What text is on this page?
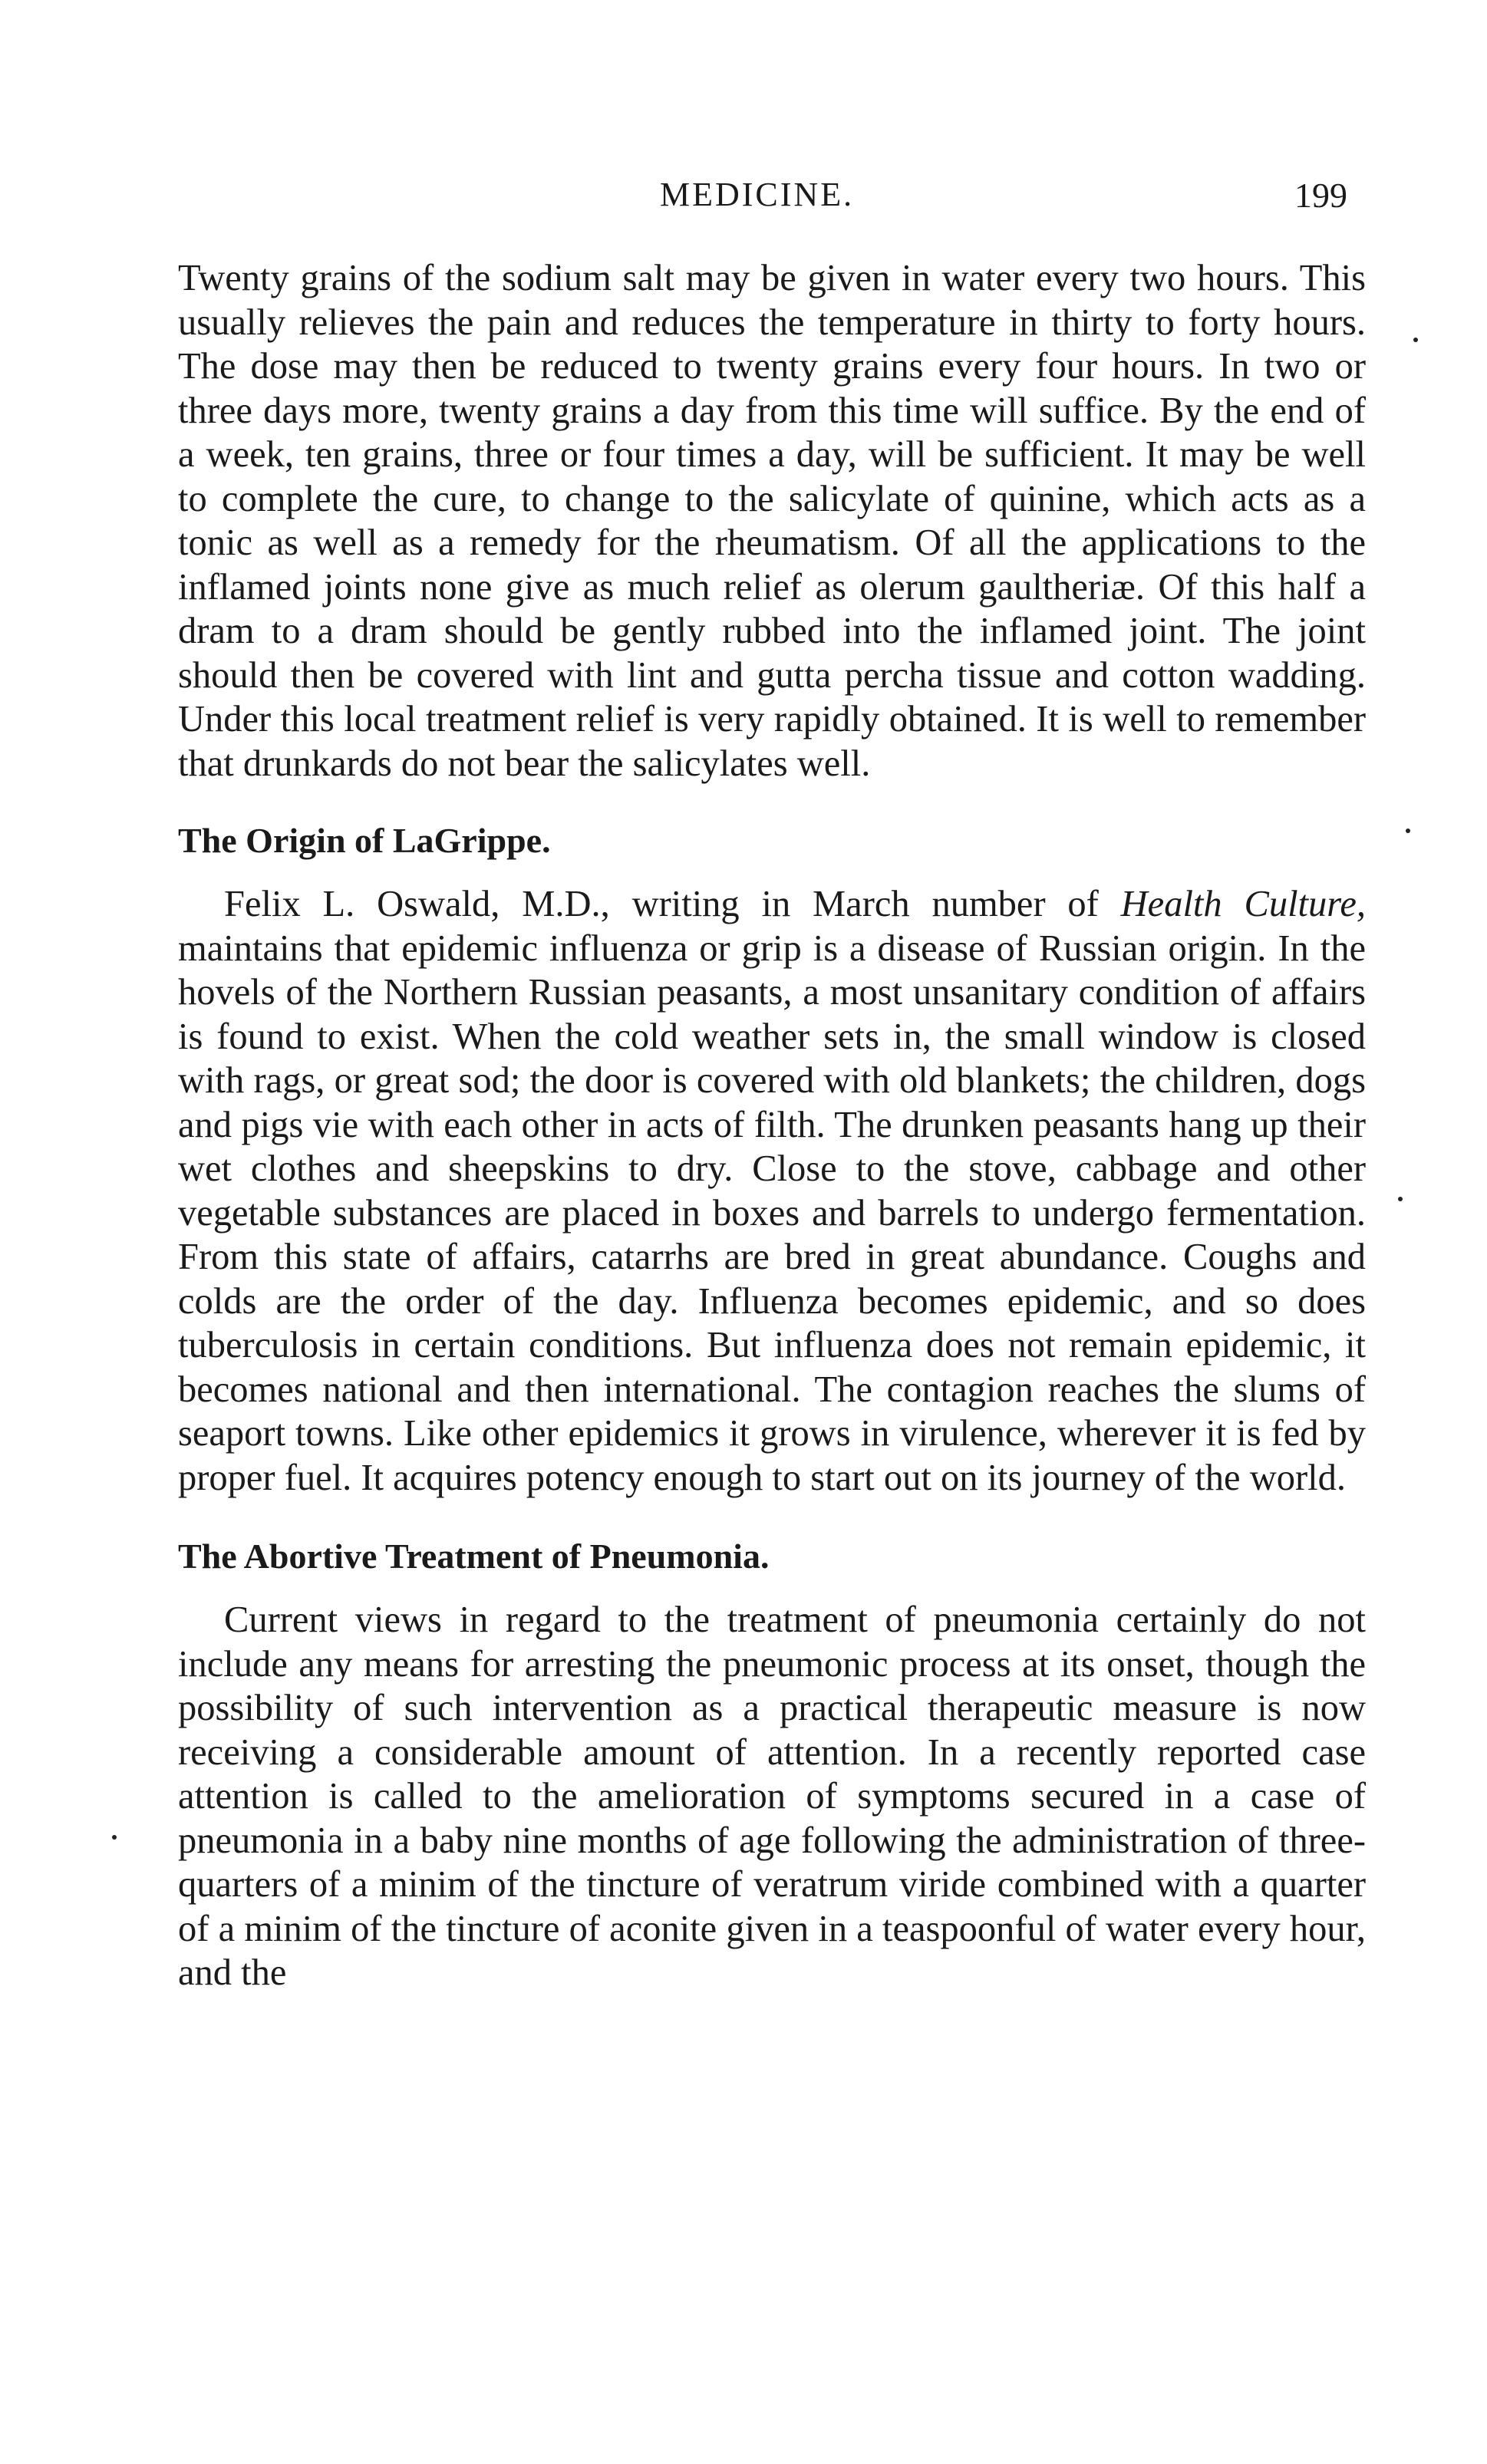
MEDICINE.	199

Twenty grains of the sodium salt may be given in water every two hours. This usually relieves the pain and reduces the temperature in thirty to forty hours. The dose may then be reduced to twenty grains every four hours. In two or three days more, twenty grains a day from this time will suffice. By the end of a week, ten grains, three or four times a day, will be sufficient. It may be well to complete the cure, to change to the salicylate of quinine, which acts as a tonic as well as a remedy for the rheumatism. Of all the applications to the inflamed joints none give as much relief as olerum gaultheriæ. Of this half a dram to a dram should be gently rubbed into the inflamed joint. The joint should then be covered with lint and gutta percha tissue and cotton wadding. Under this local treatment relief is very rapidly obtained. It is well to remember that drunkards do not bear the salicylates well.

The Origin of LaGrippe.

Felix L. Oswald, M.D., writing in March number of Health Culture, maintains that epidemic influenza or grip is a disease of Russian origin. In the hovels of the Northern Russian peasants, a most unsanitary condition of affairs is found to exist. When the cold weather sets in, the small window is closed with rags, or great sod; the door is covered with old blankets; the children, dogs and pigs vie with each other in acts of filth. The drunken peasants hang up their wet clothes and sheepskins to dry. Close to the stove, cabbage and other vegetable substances are placed in boxes and barrels to undergo fermentation. From this state of affairs, catarrhs are bred in great abundance. Coughs and colds are the order of the day. Influenza becomes epidemic, and so does tuberculosis in certain conditions. But influenza does not remain epidemic, it becomes national and then international. The contagion reaches the slums of seaport towns. Like other epidemics it grows in virulence, wherever it is fed by proper fuel. It acquires potency enough to start out on its journey of the world.

The Abortive Treatment of Pneumonia.

Current views in regard to the treatment of pneumonia certainly do not include any means for arresting the pneumonic process at its onset, though the possibility of such intervention as a practical therapeutic measure is now receiving a considerable amount of attention. In a recently reported case attention is called to the amelioration of symptoms secured in a case of pneumonia in a baby nine months of age following the administration of three-quarters of a minim of the tincture of veratrum viride combined with a quarter of a minim of the tincture of aconite given in a teaspoonful of water every hour, and the
